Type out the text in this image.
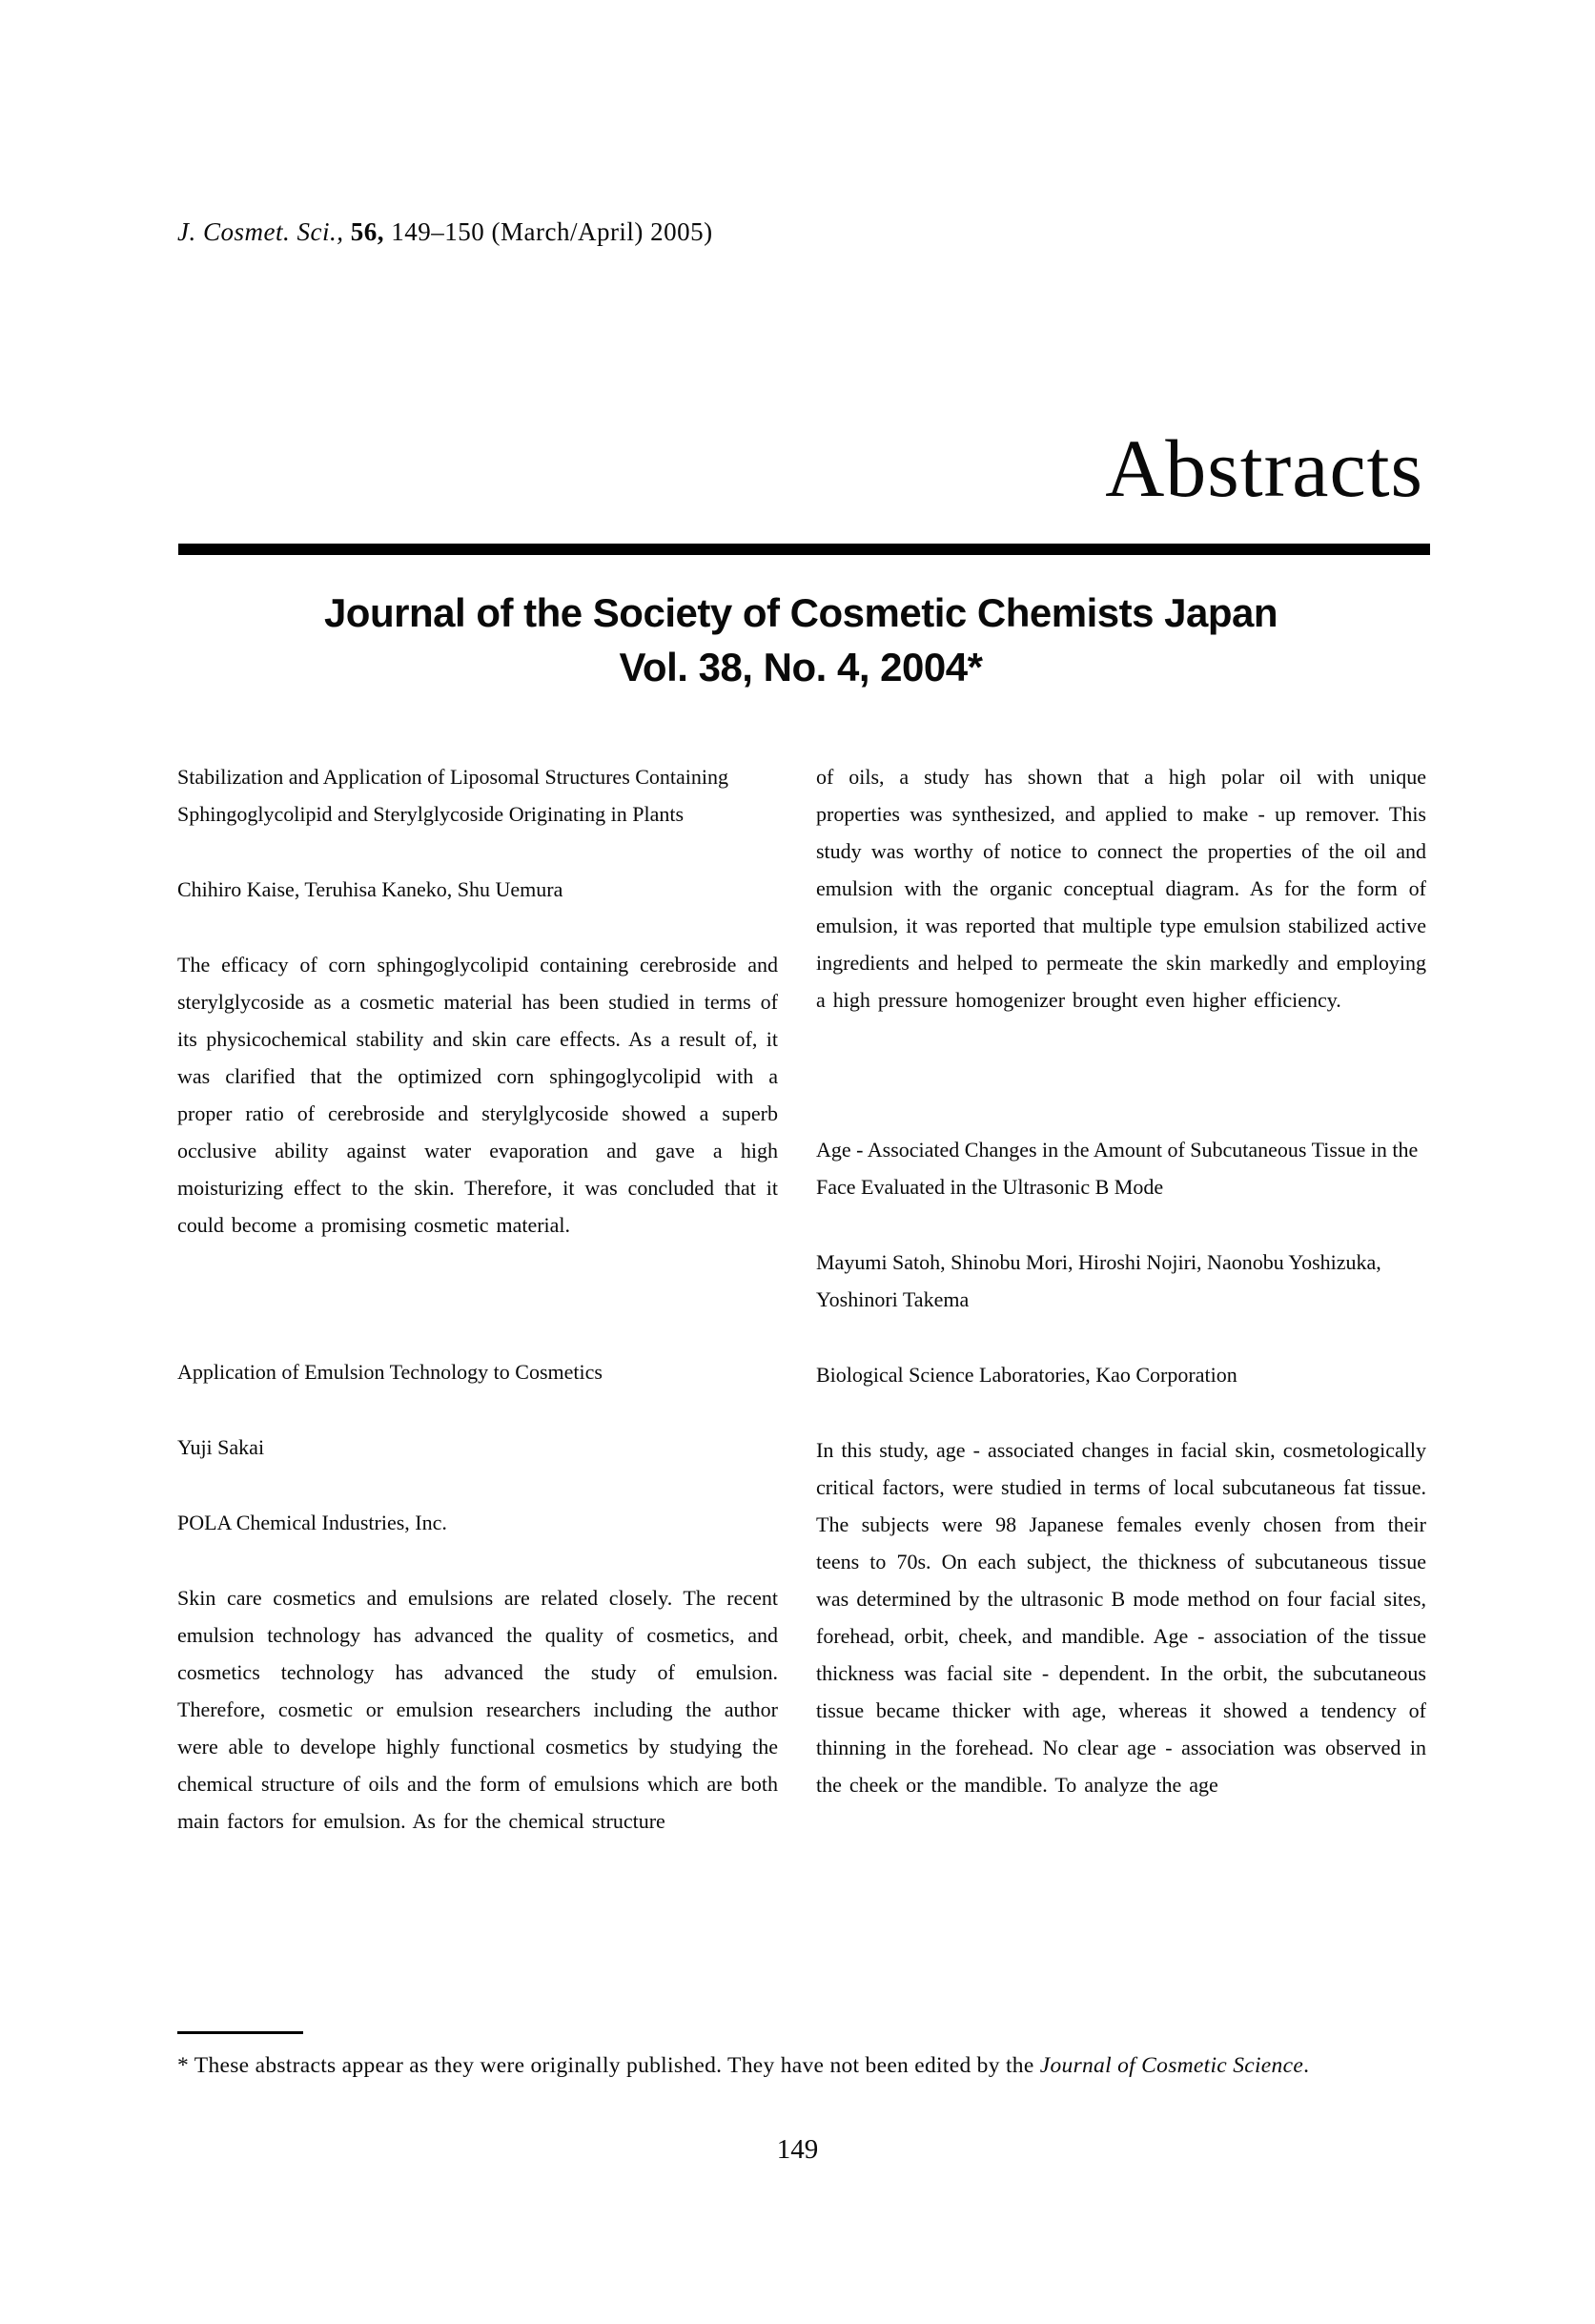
J. Cosmet. Sci., 56, 149–150 (March/April) 2005)
Abstracts
Journal of the Society of Cosmetic Chemists Japan
Vol. 38, No. 4, 2004*

Stabilization and Application of Liposomal Structures Containing Sphingoglycolipid and Sterylglycoside Originating in Plants

Chihiro Kaise, Teruhisa Kaneko, Shu Uemura

The efficacy of corn sphingoglycolipid containing cerebroside and sterylglycoside as a cosmetic material has been studied in terms of its physicochemical stability and skin care effects. As a result of, it was clarified that the optimized corn sphingoglycolipid with a proper ratio of cerebroside and sterylglycoside showed a superb occlusive ability against water evaporation and gave a high moisturizing effect to the skin. Therefore, it was concluded that it could become a promising cosmetic material.

Application of Emulsion Technology to Cosmetics

Yuji Sakai

POLA Chemical Industries, Inc.

Skin care cosmetics and emulsions are related closely. The recent emulsion technology has advanced the quality of cosmetics, and cosmetics technology has advanced the study of emulsion. Therefore, cosmetic or emulsion researchers including the author were able to develope highly functional cosmetics by studying the chemical structure of oils and the form of emulsions which are both main factors for emulsion. As for the chemical structure

of oils, a study has shown that a high polar oil with unique properties was synthesized, and applied to make - up remover. This study was worthy of notice to connect the properties of the oil and emulsion with the organic conceptual diagram. As for the form of emulsion, it was reported that multiple type emulsion stabilized active ingredients and helped to permeate the skin markedly and employing a high pressure homogenizer brought even higher efficiency.

Age - Associated Changes in the Amount of Subcutaneous Tissue in the Face Evaluated in the Ultrasonic B Mode

Mayumi Satoh, Shinobu Mori, Hiroshi Nojiri, Naonobu Yoshizuka, Yoshinori Takema

Biological Science Laboratories, Kao Corporation

In this study, age - associated changes in facial skin, cosmetologically critical factors, were studied in terms of local subcutaneous fat tissue. The subjects were 98 Japanese females evenly chosen from their teens to 70s. On each subject, the thickness of subcutaneous tissue was determined by the ultrasonic B mode method on four facial sites, forehead, orbit, cheek, and mandible. Age - association of the tissue thickness was facial site - dependent. In the orbit, the subcutaneous tissue became thicker with age, whereas it showed a tendency of thinning in the forehead. No clear age - association was observed in the cheek or the mandible. To analyze the age

* These abstracts appear as they were originally published. They have not been edited by the Journal of Cosmetic Science.

149
